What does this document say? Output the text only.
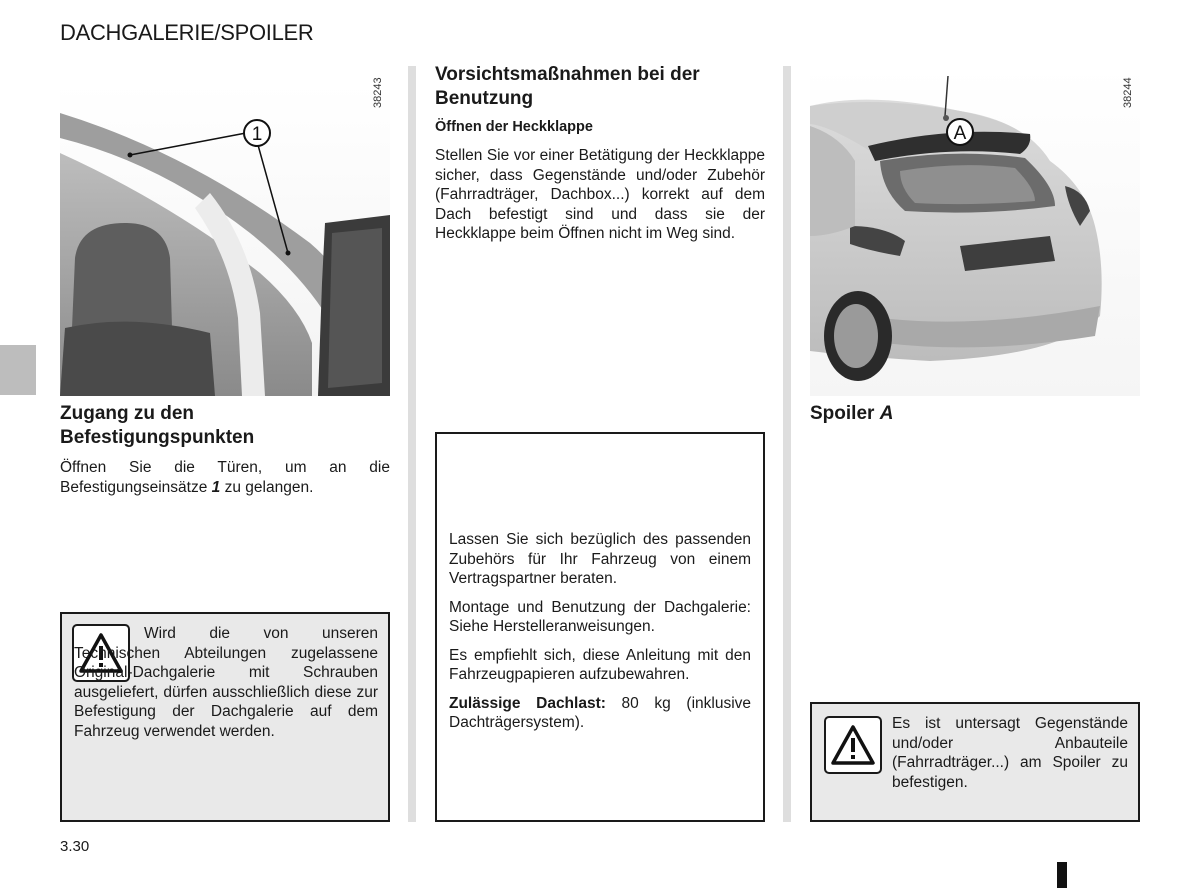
DACHGALERIE/SPOILER
1
38243
Zugang zu den Befestigungspunkten
Öffnen Sie die Türen, um an die Befestigungseinsätze 1 zu gelangen.
Wird die von unseren Technischen Abteilungen zugelassene Original-Dachgalerie mit Schrauben ausgeliefert, dürfen ausschließlich diese zur Befestigung der Dachgalerie auf dem Fahrzeug verwendet werden.
Vorsichtsmaßnahmen bei der Benutzung
Öffnen der Heckklappe
Stellen Sie vor einer Betätigung der Heckklappe sicher, dass Gegenstände und/oder Zubehör (Fahrradträger, Dachbox...) korrekt auf dem Dach befestigt sind und dass sie der Heckklappe beim Öffnen nicht im Weg sind.

Lassen Sie sich bezüglich des passenden Zubehörs für Ihr Fahrzeug von einem Vertragspartner beraten.

Montage und Benutzung der Dachgalerie: Siehe Herstelleranweisungen.

Es empfiehlt sich, diese Anleitung mit den Fahrzeugpapieren aufzubewahren.

Zulässige Dachlast: 80 kg (inklusive Dachträgersystem).

A
38244
Spoiler A
Es ist untersagt Gegenstände und/oder Anbauteile (Fahrradträger...) am Spoiler zu befestigen.
3.30
